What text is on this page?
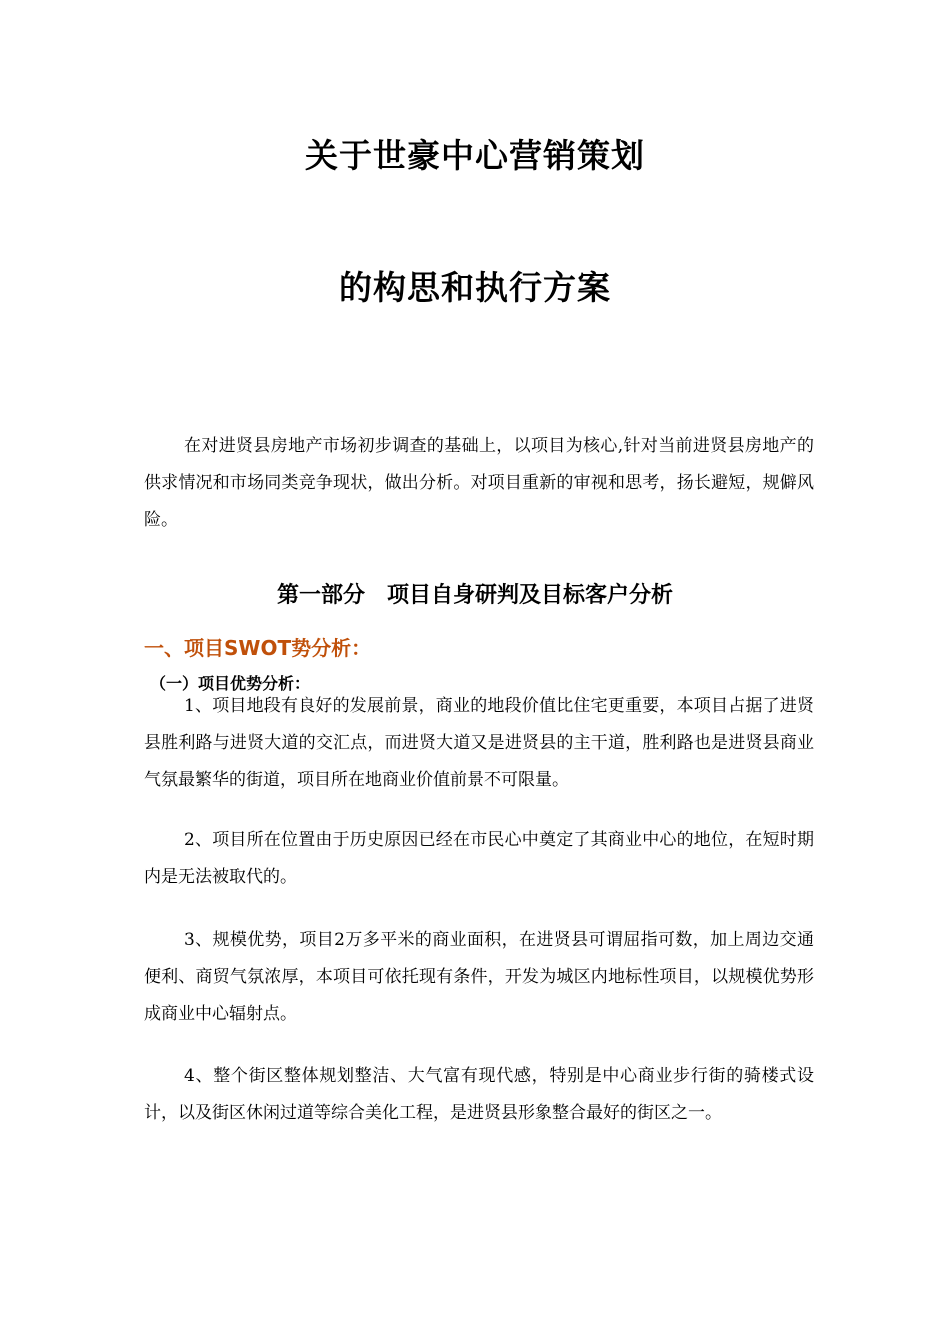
关于世豪中心营销策划
的构思和执行方案

在对进贤县房地产市场初步调查的基础上，以项目为核心,针对当前进贤县房地产的供求情况和市场同类竞争现状，做出分析。对项目重新的审视和思考，扬长避短，规僻风险。

第一部分　项目自身研判及目标客户分析
一、项目SWOT势分析：
（一）项目优势分析：

1、项目地段有良好的发展前景，商业的地段价值比住宅更重要，本项目占据了进贤县胜利路与进贤大道的交汇点，而进贤大道又是进贤县的主干道，胜利路也是进贤县商业气氛最繁华的街道，项目所在地商业价值前景不可限量。

2、项目所在位置由于历史原因已经在市民心中奠定了其商业中心的地位，在短时期内是无法被取代的。

3、规模优势，项目2万多平米的商业面积，在进贤县可谓屈指可数，加上周边交通便利、商贸气氛浓厚，本项目可依托现有条件，开发为城区内地标性项目，以规模优势形成商业中心辐射点。

4、整个街区整体规划整洁、大气富有现代感，特别是中心商业步行街的骑楼式设计，以及街区休闲过道等综合美化工程，是进贤县形象整合最好的街区之一。
